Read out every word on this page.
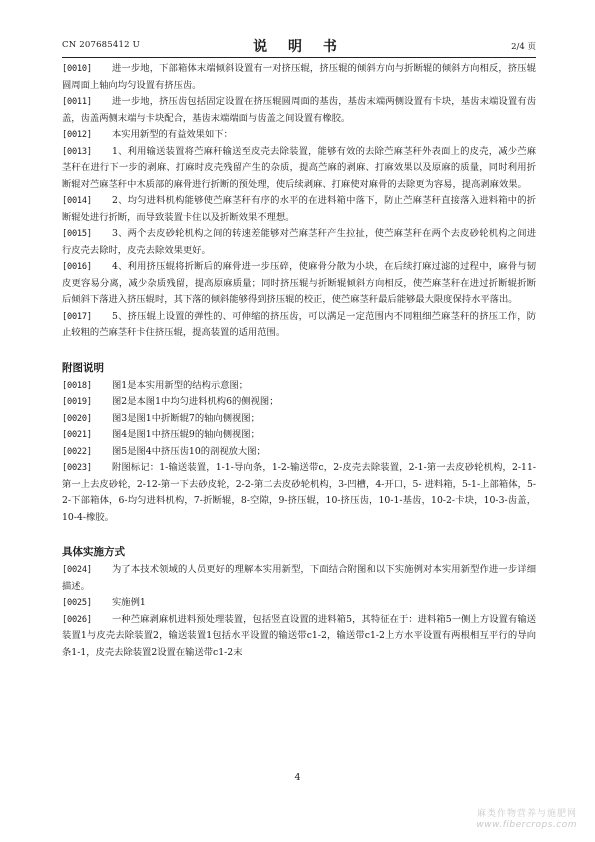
CN 207685412 U	说 明 书	2/4 页
[0010]	进一步地，下部箱体末端倾斜设置有一对挤压辊，挤压辊的倾斜方向与折断辊的倾斜方向相反，挤压辊圆周面上轴向均匀设置有挤压齿。
[0011]	进一步地，挤压齿包括固定设置在挤压辊圆周面的基齿，基齿末端两侧设置有卡块，基齿末端设置有齿盖，齿盖两侧末端与卡块配合，基齿末端端面与齿盖之间设置有橡胶。
[0012]	本实用新型的有益效果如下：
[0013]	1、利用输送装置将苎麻秆输送至皮壳去除装置，能够有效的去除苎麻茎秆外表面上的皮壳，减少苎麻茎秆在进行下一步的剥麻、打麻时皮壳残留产生的杂质，提高苎麻的剥麻、打麻效果以及原麻的质量，同时利用折断辊对苎麻茎秆中木质部的麻骨进行折断的预处理，使后续剥麻、打麻使对麻骨的去除更为容易，提高剥麻效果。
[0014]	2、均匀进料机构能够使苎麻茎秆有序的水平的在进料箱中落下，防止苎麻茎秆直接落入进料箱中的折断辊处进行折断，而导致装置卡住以及折断效果不理想。
[0015]	3、两个去皮砂轮机构之间的转速差能够对苎麻茎秆产生拉扯，使苎麻茎秆在两个去皮砂轮机构之间进行皮壳去除时，皮壳去除效果更好。
[0016]	4、利用挤压辊将折断后的麻骨进一步压碎，使麻骨分散为小块，在后续打麻过滤的过程中，麻骨与韧皮更容易分离，减少杂质残留，提高原麻质量；同时挤压辊与折断辊倾斜方向相反，使苎麻茎秆在进过折断辊折断后倾斜下落进入挤压辊时，其下落的倾斜能够得到挤压辊的校正，使苎麻茎秆最后能够最大限度保持水平落出。
[0017]	5、挤压辊上设置的弹性的、可伸缩的挤压齿，可以满足一定范围内不同粗细苎麻茎秆的挤压工作，防止较粗的苎麻茎秆卡住挤压辊，提高装置的适用范围。
附图说明
[0018]	图1是本实用新型的结构示意图；
[0019]	图2是本图1中均匀进料机构6的侧视图；
[0020]	图3是图1中折断辊7的轴向侧视图；
[0021]	图4是图1中挤压辊9的轴向侧视图；
[0022]	图5是图4中挤压齿10的剖视放大图；
[0023]	附图标记：1-输送装置，1-1-导向条，1-2-输送带c，2-皮壳去除装置，2-1-第一去皮砂轮机构，2-11-第一上去皮砂轮，2-12-第一下去砂皮轮，2-2-第二去皮砂轮机构，3-凹槽，4-开口，5- 进料箱，5-1-上部箱体，5-2-下部箱体，6-均匀进料机构，7-折断辊，8-空隙，9-挤压辊，10-挤压齿，10-1-基齿，10-2-卡块，10-3-齿盖，10-4-橡胶。
具体实施方式
[0024]	为了本技术领域的人员更好的理解本实用新型，下面结合附图和以下实施例对本实用新型作进一步详细描述。
[0025]	实施例1
[0026]	一种苎麻剥麻机进料预处理装置，包括竖直设置的进料箱5，其特征在于：进料箱5一侧上方设置有输送装置1与皮壳去除装置2，输送装置1包括水平设置的输送带c1-2，输送带c1-2上方水平设置有两根相互平行的导向条1-1，皮壳去除装置2设置在输送带c1-2末
4
麻类作物营养与施肥网
www.fibercrops.com
